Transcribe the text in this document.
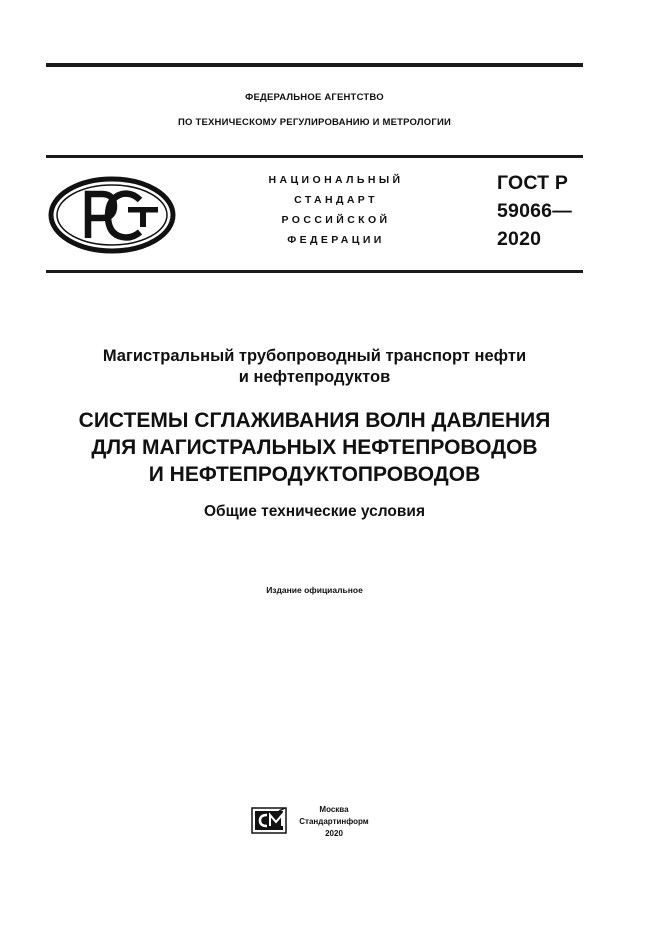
ФЕДЕРАЛЬНОЕ АГЕНТСТВО
ПО ТЕХНИЧЕСКОМУ РЕГУЛИРОВАНИЮ И МЕТРОЛОГИИ
НАЦИОНАЛЬНЫЙ
СТАНДАРТ
РОССИЙСКОЙ
ФЕДЕРАЦИИ
ГОСТ Р
59066—
2020
Магистральный трубопроводный транспорт нефти
и нефтепродуктов
СИСТЕМЫ СГЛАЖИВАНИЯ ВОЛН ДАВЛЕНИЯ
ДЛЯ МАГИСТРАЛЬНЫХ НЕФТЕПРОВОДОВ
И НЕФТЕПРОДУКТОПРОВОДОВ
Общие технические условия
Издание официальное
Москва
Стандартинформ
2020
